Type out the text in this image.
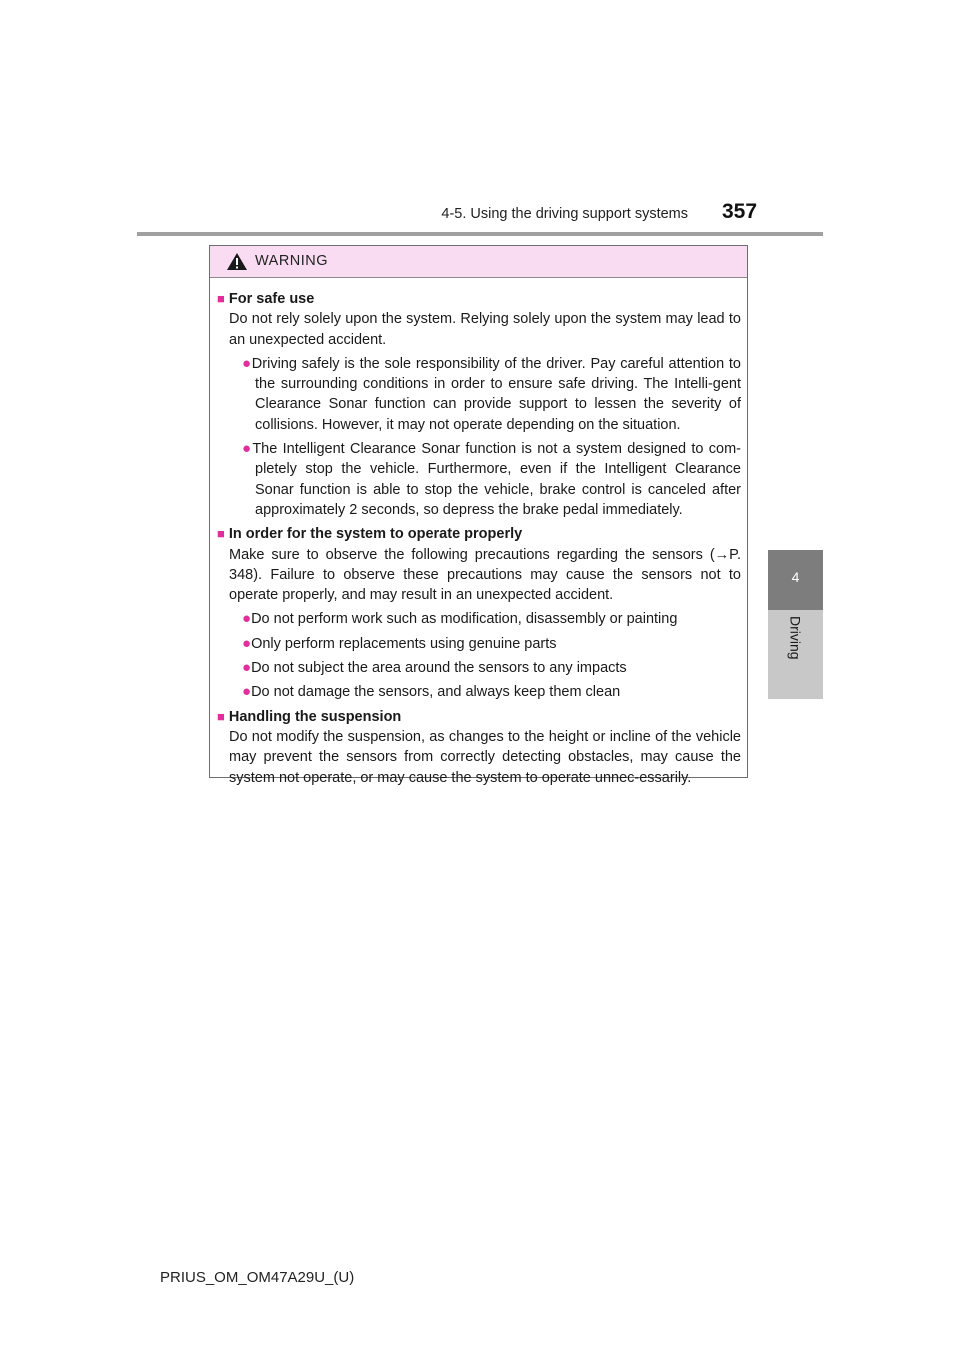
4-5. Using the driving support systems 357
4
Driving
WARNING

■ For safe use

Do not rely solely upon the system. Relying solely upon the system may lead to an unexpected accident.

●Driving safely is the sole responsibility of the driver. Pay careful attention to the surrounding conditions in order to ensure safe driving. The Intelli-gent Clearance Sonar function can provide support to lessen the severity of collisions. However, it may not operate depending on the situation.

●The Intelligent Clearance Sonar function is not a system designed to com-pletely stop the vehicle. Furthermore, even if the Intelligent Clearance Sonar function is able to stop the vehicle, brake control is canceled after approximately 2 seconds, so depress the brake pedal immediately.

■ In order for the system to operate properly

Make sure to observe the following precautions regarding the sensors (→P. 348). Failure to observe these precautions may cause the sensors not to operate properly, and may result in an unexpected accident.

●Do not perform work such as modification, disassembly or painting

●Only perform replacements using genuine parts

●Do not subject the area around the sensors to any impacts

●Do not damage the sensors, and always keep them clean

■ Handling the suspension

Do not modify the suspension, as changes to the height or incline of the vehicle may prevent the sensors from correctly detecting obstacles, may cause the system not operate, or may cause the system to operate unnec-essarily.

PRIUS_OM_OM47A29U_(U)
